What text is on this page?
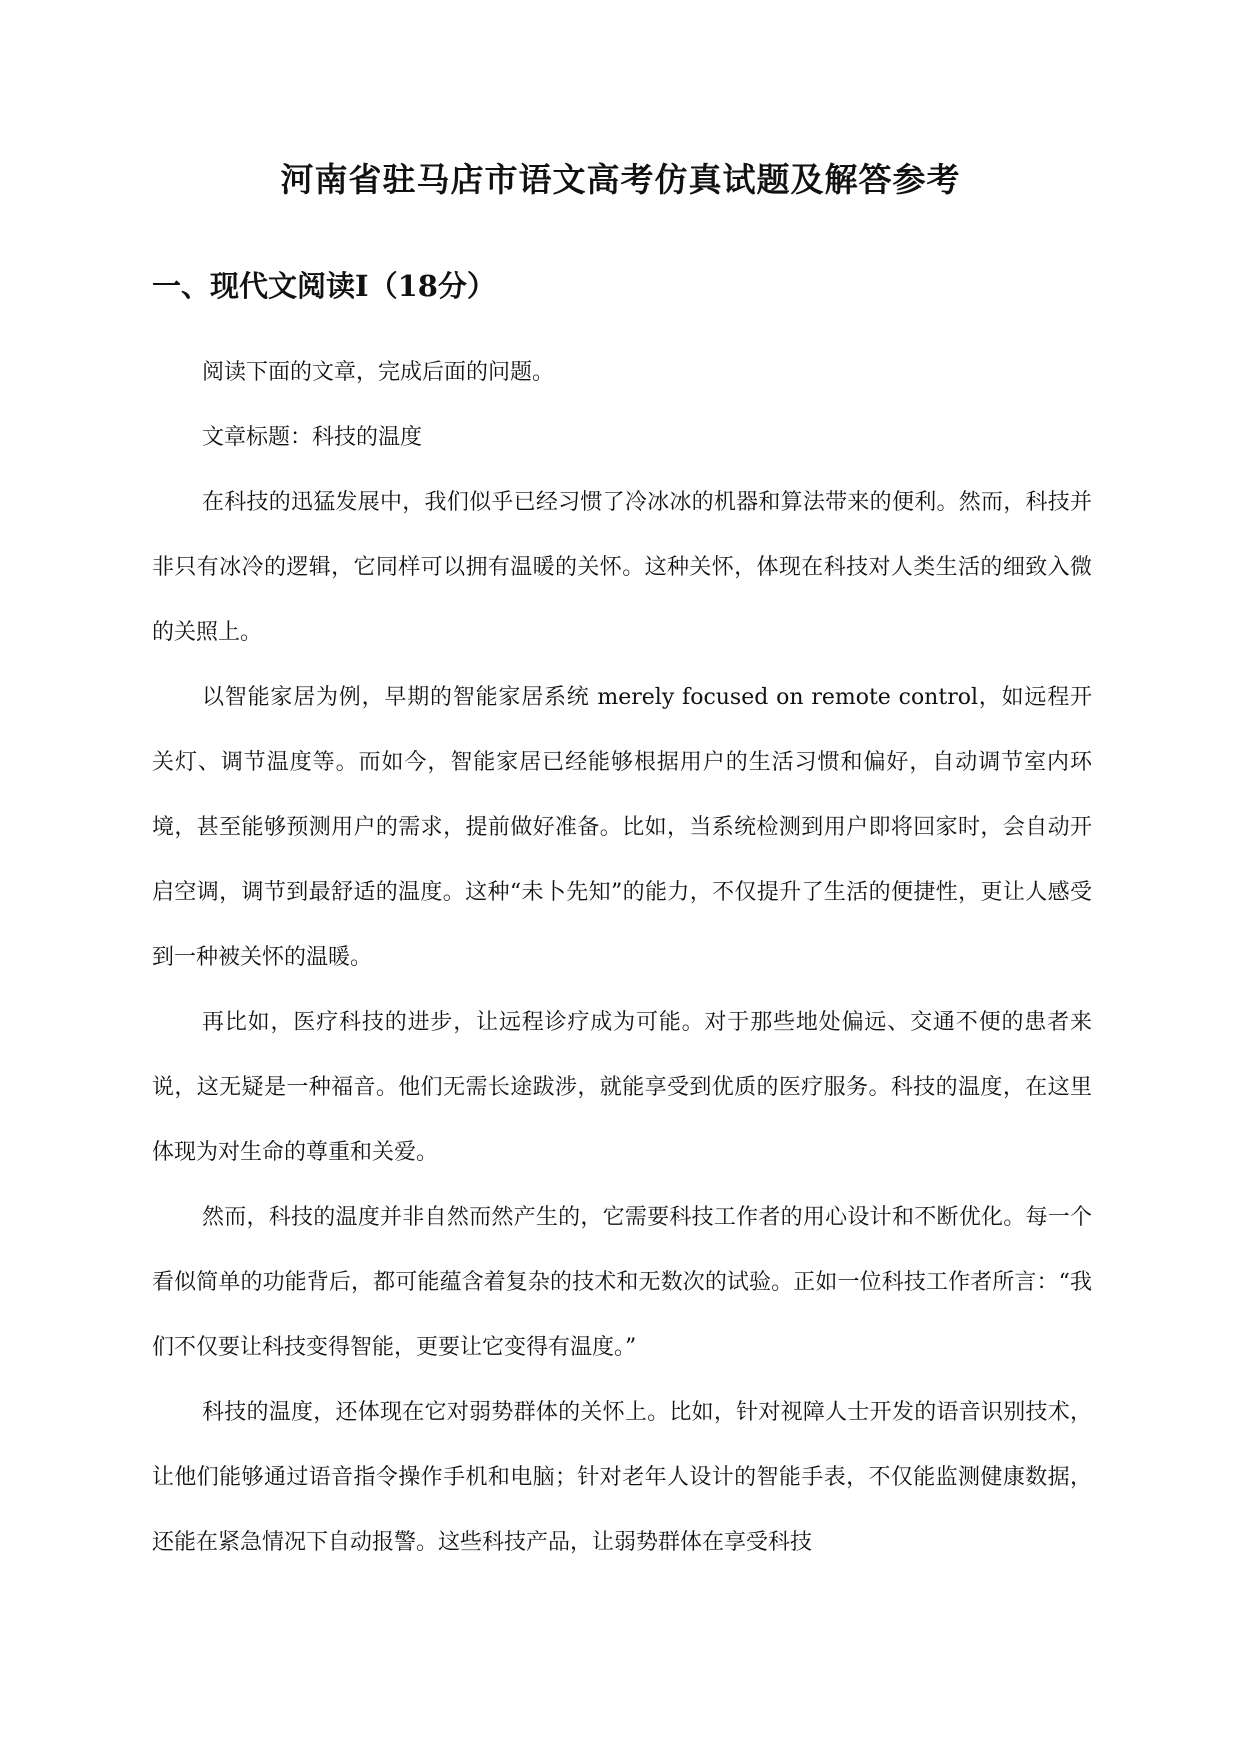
河南省驻马店市语文高考仿真试题及解答参考
一、现代文阅读Ⅰ（18分）

阅读下面的文章，完成后面的问题。

文章标题：科技的温度

在科技的迅猛发展中，我们似乎已经习惯了冷冰冰的机器和算法带来的便利。然而，科技并非只有冰冷的逻辑，它同样可以拥有温暖的关怀。这种关怀，体现在科技对人类生活的细致入微的关照上。

以智能家居为例，早期的智能家居系统 merely focused on remote control，如远程开关灯、调节温度等。而如今，智能家居已经能够根据用户的生活习惯和偏好，自动调节室内环境，甚至能够预测用户的需求，提前做好准备。比如，当系统检测到用户即将回家时，会自动开启空调，调节到最舒适的温度。这种“未卜先知”的能力，不仅提升了生活的便捷性，更让人感受到一种被关怀的温暖。

再比如，医疗科技的进步，让远程诊疗成为可能。对于那些地处偏远、交通不便的患者来说，这无疑是一种福音。他们无需长途跋涉，就能享受到优质的医疗服务。科技的温度，在这里体现为对生命的尊重和关爱。

然而，科技的温度并非自然而然产生的，它需要科技工作者的用心设计和不断优化。每一个看似简单的功能背后，都可能蕴含着复杂的技术和无数次的试验。正如一位科技工作者所言：“我们不仅要让科技变得智能，更要让它变得有温度。”

科技的温度，还体现在它对弱势群体的关怀上。比如，针对视障人士开发的语音识别技术，让他们能够通过语音指令操作手机和电脑；针对老年人设计的智能手表，不仅能监测健康数据，还能在紧急情况下自动报警。这些科技产品，让弱势群体在享受科技
